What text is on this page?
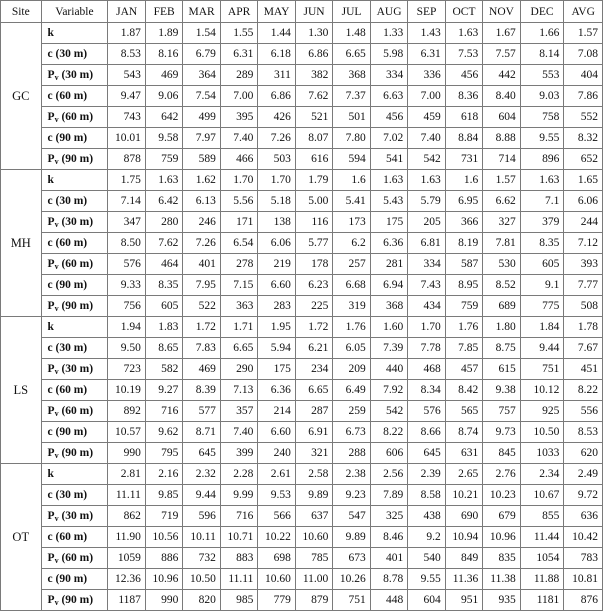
Site	Variable	JAN	FEB	MAR	APR	MAY	JUN	JUL	AUG	SEP	OCT	NOV	DEC	AVG
GC	k	1.87	1.89	1.54	1.55	1.44	1.30	1.48	1.33	1.43	1.63	1.67	1.66	1.57
	c (30 m)	8.53	8.16	6.79	6.31	6.18	6.86	6.65	5.98	6.31	7.53	7.57	8.14	7.08
	$P_v$ (30 m)	543	469	364	289	311	382	368	334	336	456	442	553	404
	c (60 m)	9.47	9.06	7.54	7.00	6.86	7.62	7.37	6.63	7.00	8.36	8.40	9.03	7.86
	$P_v$ (60 m)	743	642	499	395	426	521	501	456	459	618	604	758	552
	c (90 m)	10.01	9.58	7.97	7.40	7.26	8.07	7.80	7.02	7.40	8.84	8.88	9.55	8.32
	$P_v$ (90 m)	878	759	589	466	503	616	594	541	542	731	714	896	652
MH	k	1.75	1.63	1.62	1.70	1.70	1.79	1.6	1.63	1.63	1.6	1.57	1.63	1.65
	c (30 m)	7.14	6.42	6.13	5.56	5.18	5.00	5.41	5.43	5.79	6.95	6.62	7.1	6.06
	$P_v$ (30 m)	347	280	246	171	138	116	173	175	205	366	327	379	244
	c (60 m)	8.50	7.62	7.26	6.54	6.06	5.77	6.2	6.36	6.81	8.19	7.81	8.35	7.12
	$P_v$ (60 m)	576	464	401	278	219	178	257	281	334	587	530	605	393
	c (90 m)	9.33	8.35	7.95	7.15	6.60	6.23	6.68	6.94	7.43	8.95	8.52	9.1	7.77
	$P_v$ (90 m)	756	605	522	363	283	225	319	368	434	759	689	775	508
LS	k	1.94	1.83	1.72	1.71	1.95	1.72	1.76	1.60	1.70	1.76	1.80	1.84	1.78
	c (30 m)	9.50	8.65	7.83	6.65	5.94	6.21	6.05	7.39	7.78	7.85	8.75	9.44	7.67
	$P_v$ (30 m)	723	582	469	290	175	234	209	440	468	457	615	751	451
	c (60 m)	10.19	9.27	8.39	7.13	6.36	6.65	6.49	7.92	8.34	8.42	9.38	10.12	8.22
	$P_v$ (60 m)	892	716	577	357	214	287	259	542	576	565	757	925	556
	c (90 m)	10.57	9.62	8.71	7.40	6.60	6.91	6.73	8.22	8.66	8.74	9.73	10.50	8.53
	$P_v$ (90 m)	990	795	645	399	240	321	288	606	645	631	845	1033	620
OT	k	2.81	2.16	2.32	2.28	2.61	2.58	2.38	2.56	2.39	2.65	2.76	2.34	2.49
	c (30 m)	11.11	9.85	9.44	9.99	9.53	9.89	9.23	7.89	8.58	10.21	10.23	10.67	9.72
	$P_v$ (30 m)	862	719	596	716	566	637	547	325	438	690	679	855	636
	c (60 m)	11.90	10.56	10.11	10.71	10.22	10.60	9.89	8.46	9.2	10.94	10.96	11.44	10.42
	$P_v$ (60 m)	1059	886	732	883	698	785	673	401	540	849	835	1054	783
	c (90 m)	12.36	10.96	10.50	11.11	10.60	11.00	10.26	8.78	9.55	11.36	11.38	11.88	10.81
	$P_v$ (90 m)	1187	990	820	985	779	879	751	448	604	951	935	1181	876
